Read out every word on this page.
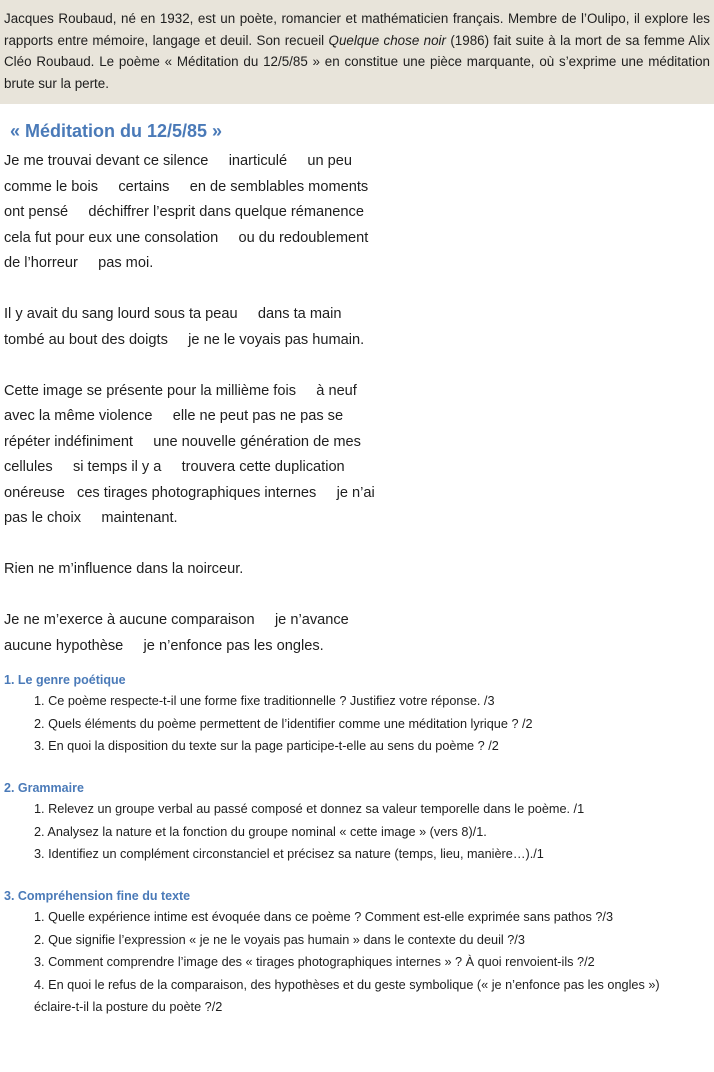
Jacques Roubaud, né en 1932, est un poète, romancier et mathématicien français. Membre de l’Oulipo, il explore les rapports entre mémoire, langage et deuil. Son recueil Quelque chose noir (1986) fait suite à la mort de sa femme Alix Cléo Roubaud. Le poème « Méditation du 12/5/85 » en constitue une pièce marquante, où s’exprime une méditation brute sur la perte.
« Méditation du 12/5/85 »
Je me trouvai devant ce silence     inarticulé     un peu
comme le bois     certains     en de semblables moments
ont pensé     déchiffrer l’esprit dans quelque rémanence
cela fut pour eux une consolation     ou du redoublement
de l’horreur     pas moi.
Il y avait du sang lourd sous ta peau     dans ta main
tombé au bout des doigts     je ne le voyais pas humain.
Cette image se présente pour la millième fois     à neuf
avec la même violence     elle ne peut pas ne pas se
répéter indéfiniment     une nouvelle génération de mes
cellules     si temps il y a     trouvera cette duplication
onéreuse   ces tirages photographiques internes     je n’ai
pas le choix     maintenant.
Rien ne m’influence dans la noirceur.
Je ne m’exerce à aucune comparaison     je n’avance
aucune hypothèse     je n’enfonce pas les ongles.
1. Le genre poétique
1. Ce poème respecte-t-il une forme fixe traditionnelle ? Justifiez votre réponse. /3
2. Quels éléments du poème permettent de l’identifier comme une méditation lyrique ? /2
3. En quoi la disposition du texte sur la page participe-t-elle au sens du poème ? /2
2. Grammaire
1. Relevez un groupe verbal au passé composé et donnez sa valeur temporelle dans le poème. /1
2. Analysez la nature et la fonction du groupe nominal « cette image » (vers 8)/1.
3. Identifiez un complément circonstanciel et précisez sa nature (temps, lieu, manière…)./1
3. Compréhension fine du texte
1. Quelle expérience intime est évoquée dans ce poème ? Comment est-elle exprimée sans pathos ?/3
2. Que signifie l’expression « je ne le voyais pas humain » dans le contexte du deuil ?/3
3. Comment comprendre l’image des « tirages photographiques internes » ? À quoi renvoient-ils ?/2
4. En quoi le refus de la comparaison, des hypothèses et du geste symbolique (« je n’enfonce pas les ongles ») éclaire-t-il la posture du poète ?/2
